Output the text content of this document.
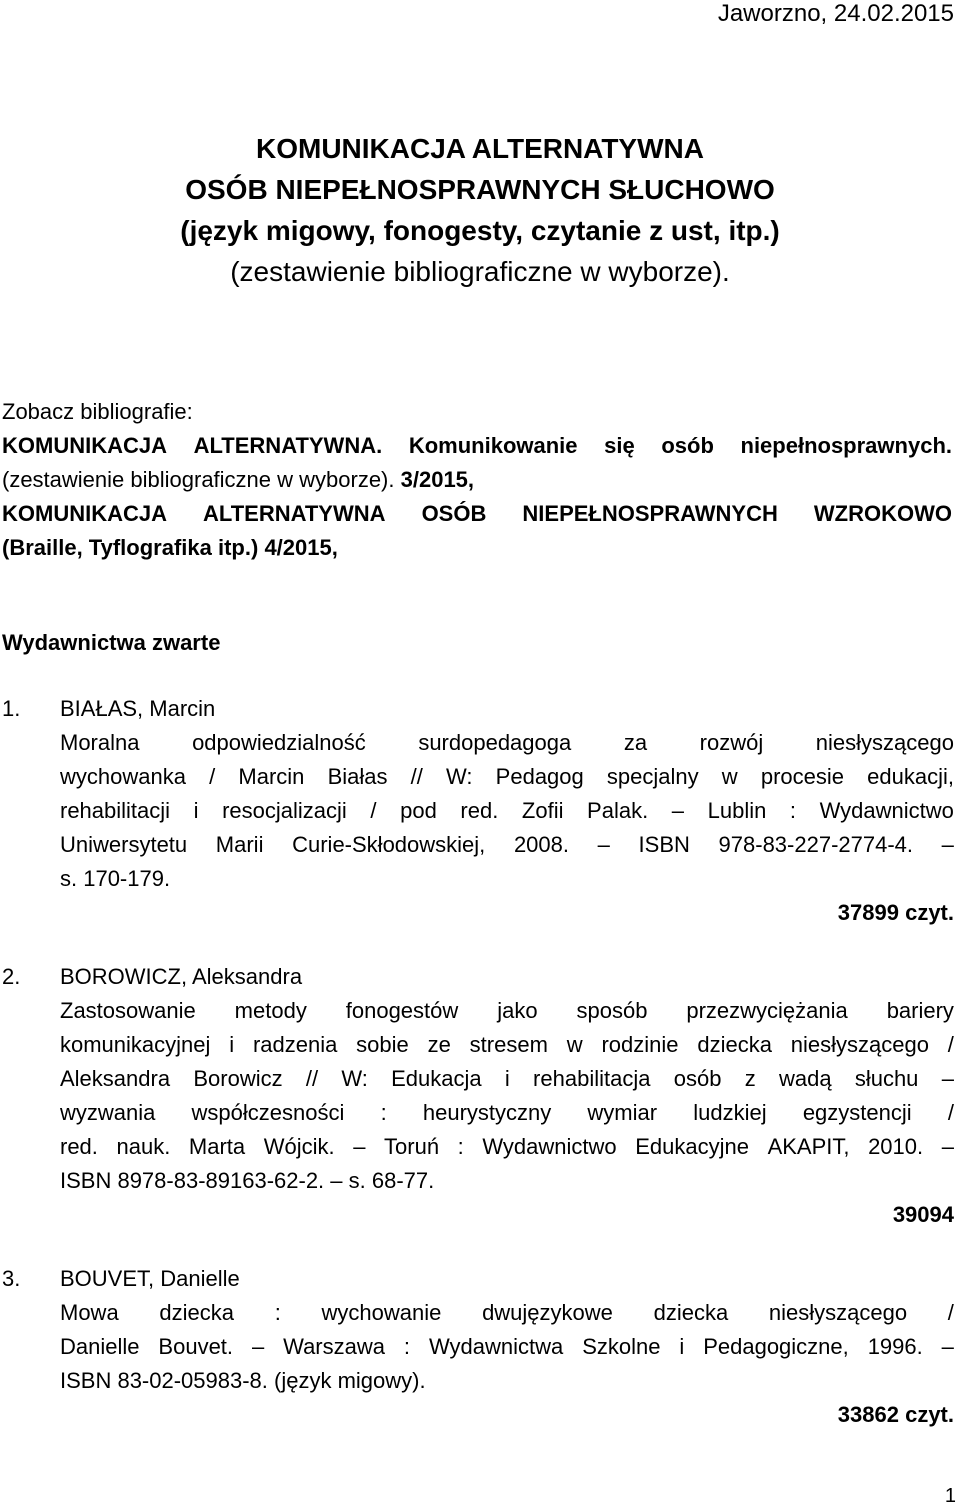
Jaworzno, 24.02.2015
KOMUNIKACJA ALTERNATYWNA
OSÓB NIEPEŁNOSPRAWNYCH SŁUCHOWO
(język migowy, fonogesty, czytanie z ust, itp.)
(zestawienie bibliograficzne w wyborze).
Zobacz bibliografie:
KOMUNIKACJA ALTERNATYWNA. Komunikowanie się osób niepełnosprawnych.
(zestawienie bibliograficzne w wyborze). 3/2015,
KOMUNIKACJA ALTERNATYWNA OSÓB NIEPEŁNOSPRAWNYCH WZROKOWO
(Braille, Tyflografika itp.) 4/2015,
Wydawnictwa zwarte
1. BIAŁAS, Marcin
Moralna odpowiedzialność surdopedagoga za rozwój niesłyszącego
wychowanka / Marcin Białas // W: Pedagog specjalny w procesie edukacji,
rehabilitacji i resocjalizacji / pod red. Zofii Palak. – Lublin : Wydawnictwo
Uniwersytetu Marii Curie-Skłodowskiej, 2008. – ISBN 978-83-227-2774-4. –
s. 170-179.
37899 czyt.
2. BOROWICZ, Aleksandra
Zastosowanie metody fonogestów jako sposób przezwyciężania bariery
komunikacyjnej i radzenia sobie ze stresem w rodzinie dziecka niesłyszącego /
Aleksandra Borowicz // W: Edukacja i rehabilitacja osób z wadą słuchu –
wyzwania współczesności : heurystyczny wymiar ludzkiej egzystencji /
red. nauk. Marta Wójcik. – Toruń : Wydawnictwo Edukacyjne AKAPIT, 2010. –
ISBN 8978-83-89163-62-2. – s. 68-77.
39094
3. BOUVET, Danielle
Mowa dziecka : wychowanie dwujęzykowe dziecka niesłyszącego /
Danielle Bouvet. – Warszawa : Wydawnictwa Szkolne i Pedagogiczne, 1996. –
ISBN 83-02-05983-8. (język migowy).
33862 czyt.
1
